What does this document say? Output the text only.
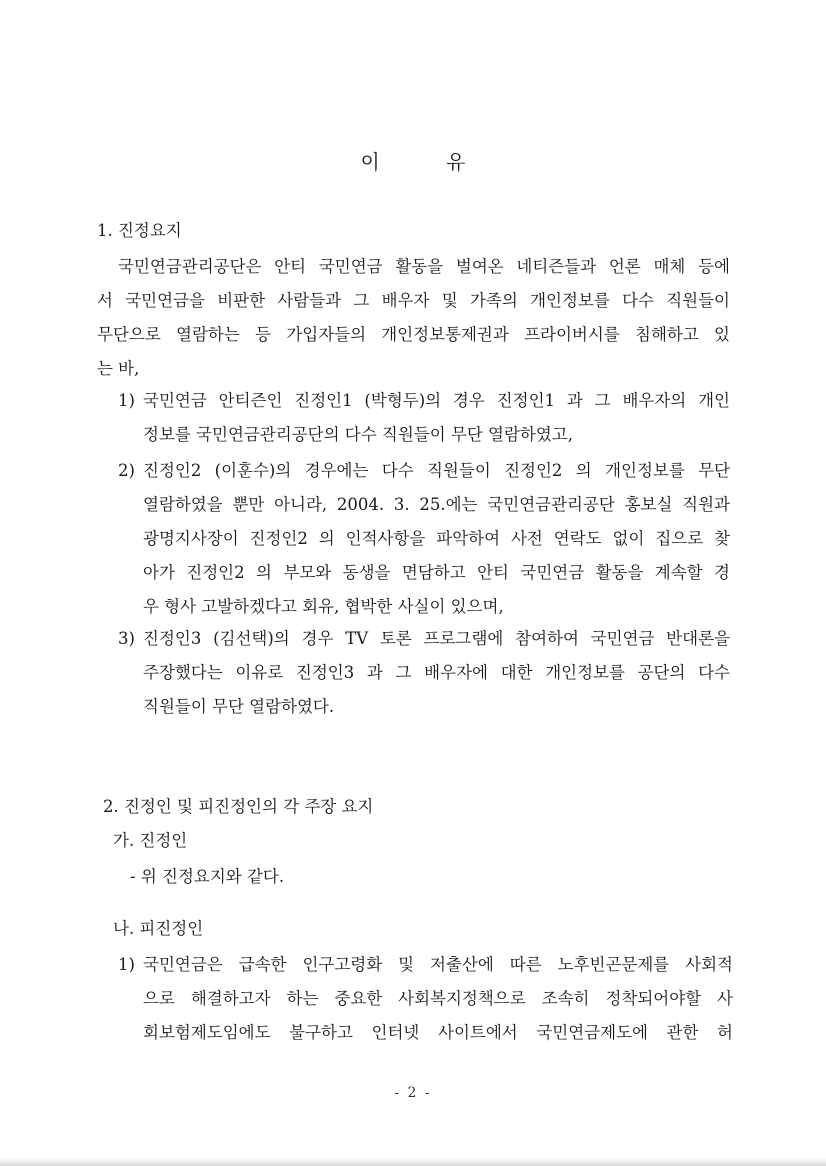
이	유
1. 진정요지
국민연금관리공단은 안티 국민연금 활동을 벌여온 네티즌들과 언론 매체 등에
서 국민연금을 비판한 사람들과 그 배우자 및 가족의 개인정보를 다수 직원들이
무단으로 열람하는 등 가입자들의 개인정보통제권과 프라이버시를 침해하고 있
는 바,
1) 국민연금 안티즌인 진정인1 (박형두)의 경우 진정인1 과 그 배우자의 개인
정보를 국민연금관리공단의 다수 직원들이 무단 열람하였고,
2) 진정인2 (이훈수)의 경우에는 다수 직원들이 진정인2 의 개인정보를 무단
열람하였을 뿐만 아니라, 2004. 3. 25.에는 국민연금관리공단 홍보실 직원과
광명지사장이 진정인2 의 인적사항을 파악하여 사전 연락도 없이 집으로 찾
아가 진정인2 의 부모와 동생을 면담하고 안티 국민연금 활동을 계속할 경
우 형사 고발하겠다고 회유, 협박한 사실이 있으며,
3) 진정인3 (김선택)의 경우 TV 토론 프로그램에 참여하여 국민연금 반대론을
주장했다는 이유로 진정인3 과 그 배우자에 대한 개인정보를 공단의 다수
직원들이 무단 열람하였다.
2. 진정인 및 피진정인의 각 주장 요지
가. 진정인
- 위 진정요지와 같다.
나. 피진정인
1) 국민연금은 급속한 인구고령화 및 저출산에 따른 노후빈곤문제를 사회적
으로 해결하고자 하는 중요한 사회복지정책으로 조속히 정착되어야할 사
회보험제도임에도 불구하고 인터넷 사이트에서 국민연금제도에 관한 허
- 2 -
